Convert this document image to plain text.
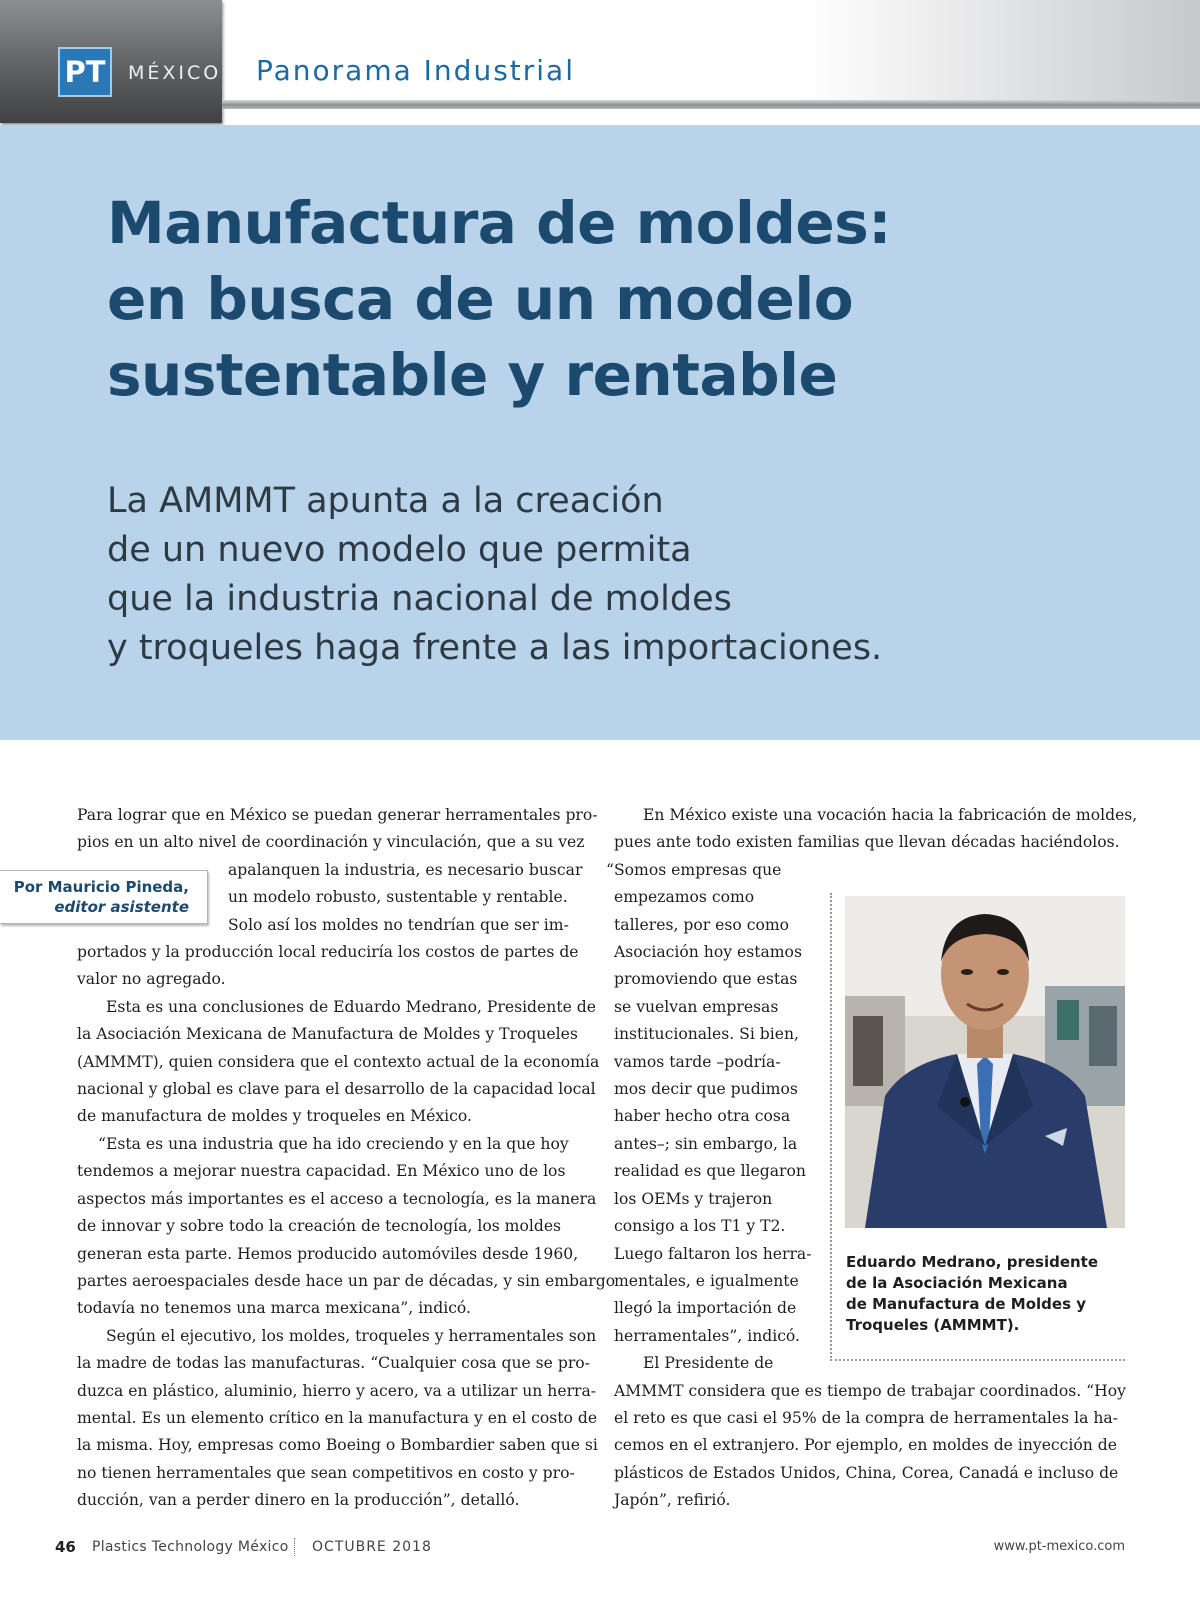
PT	MÉXICO Panorama Industrial
Manufactura de moldes:
en busca de un modelo
sustentable y rentable

La AMMMT apunta a la creación
de un nuevo modelo que permita
que la industria nacional de moldes
y troqueles haga frente a las importaciones.

Por Mauricio Pineda,
editor asistente
Para lograr que en México se puedan generar herramentales pro-
pios en un alto nivel de coordinación y vinculación, que a su vez
apalanquen la industria, es necesario buscar
un modelo robusto, sustentable y rentable.
Solo así los moldes no tendrían que ser im-
portados y la producción local reduciría los costos de partes de
valor no agregado.
Esta es una conclusiones de Eduardo Medrano, Presidente de
la Asociación Mexicana de Manufactura de Moldes y Troqueles
(AMMMT), quien considera que el contexto actual de la economía
nacional y global es clave para el desarrollo de la capacidad local
de manufactura de moldes y troqueles en México.
“Esta es una industria que ha ido creciendo y en la que hoy
tendemos a mejorar nuestra capacidad. En México uno de los
aspectos más importantes es el acceso a tecnología, es la manera
de innovar y sobre todo la creación de tecnología, los moldes
generan esta parte. Hemos producido automóviles desde 1960,
partes aeroespaciales desde hace un par de décadas, y sin embargo
todavía no tenemos una marca mexicana”, indicó.
Según el ejecutivo, los moldes, troqueles y herramentales son
la madre de todas las manufacturas. “Cualquier cosa que se pro-
duzca en plástico, aluminio, hierro y acero, va a utilizar un herra-
mental. Es un elemento crítico en la manufactura y en el costo de
la misma. Hoy, empresas como Boeing o Bombardier saben que si
no tienen herramentales que sean competitivos en costo y pro-
ducción, van a perder dinero en la producción”, detalló.
En México existe una vocación hacia la fabricación de moldes,
pues ante todo existen familias que llevan décadas haciéndolos.
“Somos empresas que
empezamos como
talleres, por eso como
Asociación hoy estamos
promoviendo que estas
se vuelvan empresas
institucionales. Si bien,
vamos tarde –podría-
mos decir que pudimos
haber hecho otra cosa
antes–; sin embargo, la
realidad es que llegaron
los OEMs y trajeron
consigo a los T1 y T2.
Luego faltaron los herra-
mentales, e igualmente
llegó la importación de
herramentales”, indicó.
El Presidente de
AMMMT considera que es tiempo de trabajar coordinados. “Hoy
el reto es que casi el 95% de la compra de herramentales la ha-
cemos en el extranjero. Por ejemplo, en moldes de inyección de
plásticos de Estados Unidos, China, Corea, Canadá e incluso de
Japón”, refirió.

Eduardo Medrano, presidente
de la Asociación Mexicana
de Manufactura de Moldes y
Troqueles (AMMMT).

46 Plastics Technology México OCTUBRE 2018	www.pt-mexico.com
